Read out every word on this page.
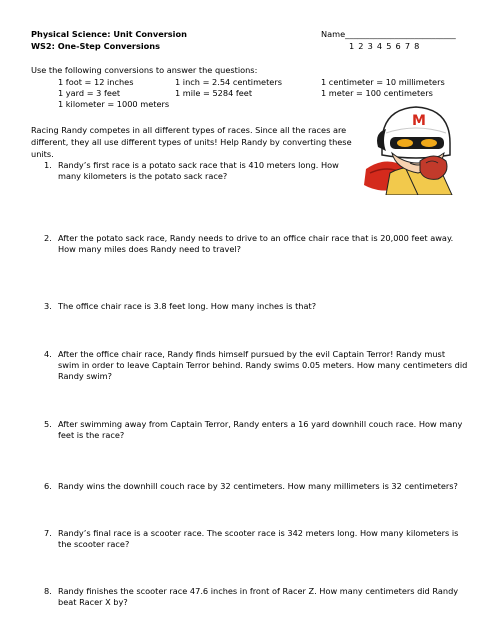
Physical Science: Unit Conversion
WS2: One-Step Conversions
Name___________________________
1 2 3 4 5 6 7 8
Use the following conversions to answer the questions:
1 foot = 12 inches	1 inch = 2.54 centimeters	1 centimeter = 10 millimeters
1 yard = 3 feet	1 mile = 5284 feet	1 meter = 100 centimeters
1 kilometer = 1000 meters
Racing Randy competes in all different types of races. Since all the races are
different, they all use different types of units! Help Randy by converting these
units.
M
1. Randy’s first race is a potato sack race that is 410 meters long. How many kilometers is the potato sack race?
2. After the potato sack race, Randy needs to drive to an office chair race that is 20,000 feet away. How many miles does Randy need to travel?
3. The office chair race is 3.8 feet long. How many inches is that?
4. After the office chair race, Randy finds himself pursued by the evil Captain Terror! Randy must swim in order to leave Captain Terror behind. Randy swims 0.05 meters. How many centimeters did Randy swim?
5. After swimming away from Captain Terror, Randy enters a 16 yard downhill couch race. How many feet is the race?
6. Randy wins the downhill couch race by 32 centimeters. How many millimeters is 32 centimeters?
7. Randy’s final race is a scooter race. The scooter race is 342 meters long. How many kilometers is the scooter race?
8. Randy finishes the scooter race 47.6 inches in front of Racer Z. How many centimeters did Randy beat Racer X by?
